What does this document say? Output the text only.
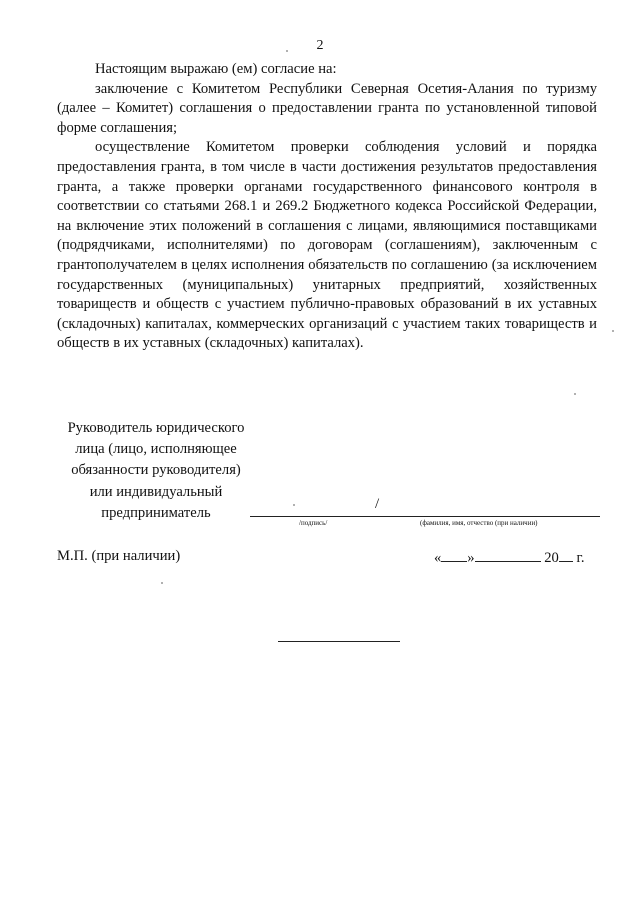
2

Настоящим выражаю (ем) согласие на:

заключение с Комитетом Республики Северная Осетия-Алания по туризму (далее – Комитет) соглашения о предоставлении гранта по установленной типовой форме соглашения;

осуществление Комитетом проверки соблюдения условий и порядка предоставления гранта, в том числе в части достижения результатов предоставления гранта, а также проверки органами государственного финансового контроля в соответствии со статьями 268.1 и 269.2 Бюджетного кодекса Российской Федерации, на включение этих положений в соглашения с лицами, являющимися поставщиками (подрядчиками, исполнителями) по договорам (соглашениям), заключенным с грантополучателем в целях исполнения обязательств по соглашению (за исключением государственных (муниципальных) унитарных предприятий, хозяйственных товариществ и обществ с участием публично-правовых образований в их уставных (складочных) капиталах, коммерческих организаций с участием таких товариществ и обществ в их уставных (складочных) капиталах).

Руководитель юридического
лица (лицо, исполняющее
обязанности руководителя)
или индивидуальный
предприниматель
/
/подпись/	(фамилия, имя, отчество (при наличии)
М.П. (при наличии)	« »	20 г.
